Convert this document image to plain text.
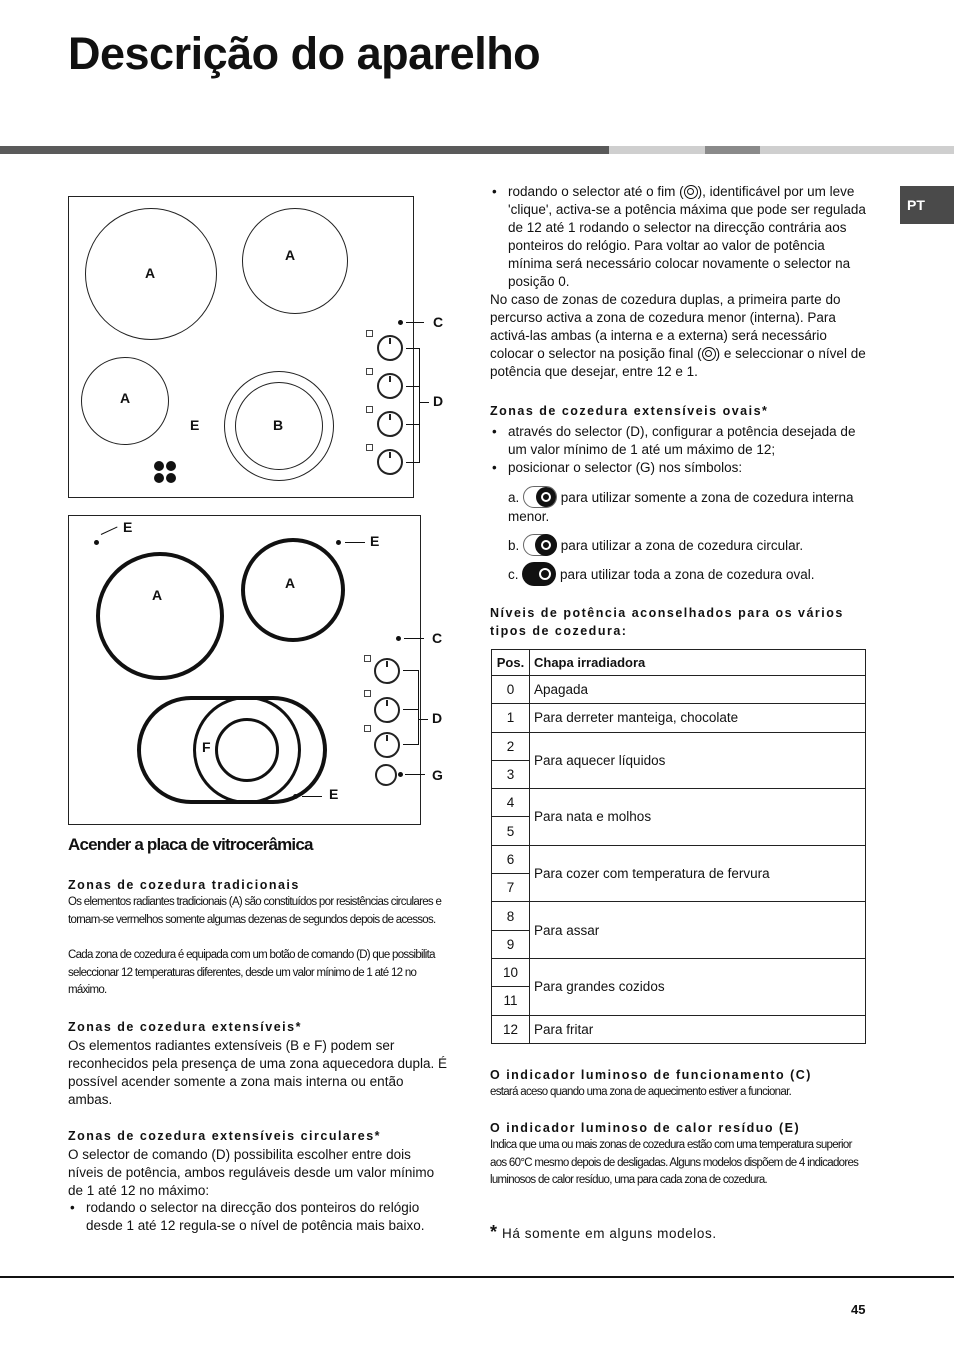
Descrição do aparelho
PT
A
A
A
B
E
C
D
E
A
A
E
F
E
C
D
G
Acender a placa de vitrocerâmica
Zonas de cozedura tradicionais

Os elementos radiantes tradicionais (A) são constituídos por resistências circulares e tornam-se vermelhos somente algumas dezenas de segundos depois de acessos.

Cada zona de cozedura é equipada com um botão de comando (D) que possibilita seleccionar 12 temperaturas diferentes, desde um valor mínimo de 1 até 12 no máximo.

Zonas de cozedura extensíveis*

Os elementos radiantes extensíveis (B e F) podem ser reconhecidos pela presença de uma zona aquecedora dupla. É possível acender somente a zona mais interna ou então ambas.

Zonas de cozedura extensíveis circulares*

O selector de comando (D) possibilita escolher entre dois níveis de potência, ambos reguláveis desde um valor mínimo de 1 até 12 no máximo:

• rodando o selector na direcção dos ponteiros do relógio desde 1 até 12 regula-se o nível de potência mais baixo.
• rodando o selector até o fim ( ), identificável por um leve 'clique', activa-se a potência máxima que pode ser regulada de 12 até 1 rodando o selector na direcção contrária aos ponteiros do relógio. Para voltar ao valor de potência mínima será necessário colocar novamente o selector na posição 0.

No caso de zonas de cozedura duplas, a primeira parte do percurso activa a zona de cozedura menor (interna). Para activá-las ambas (a interna e a externa) será necessário colocar o selector na posição final ( ) e seleccionar o nível de potência que desejar, entre 12 e 1.

Zonas de cozedura extensíveis ovais*
• através do selector (D), configurar a potência desejada de um valor mínimo de 1 até um máximo de 12;
• posicionar o selector (G) nos símbolos:

a.	para utilizar somente a zona de cozedura interna menor.

b.	para utilizar a zona de cozedura circular.

c.	para utilizar toda a zona de cozedura oval.

Níveis de potência aconselhados para os vários tipos de cozedura:
Pos.	Chapa irradiadora
0	Apagada
1	Para derreter manteiga, chocolate
2	Para aquecer líquidos
3	
4	Para nata e molhos
5	
6	Para cozer com temperatura de fervura
7	
8	Para assar
9	
10	Para grandes cozidos
11	
12	Para fritar
O indicador luminoso de funcionamento (C)

estará aceso quando uma zona de aquecimento estiver a funcionar.

O indicador luminoso de calor resíduo (E)

Indica que uma ou mais zonas de cozedura estão com uma temperatura superior aos 60°C mesmo depois de desligadas. Alguns modelos dispõem de 4 indicadores luminosos de calor resíduo, uma para cada zona de cozedura.

* Há somente em alguns modelos.

45
